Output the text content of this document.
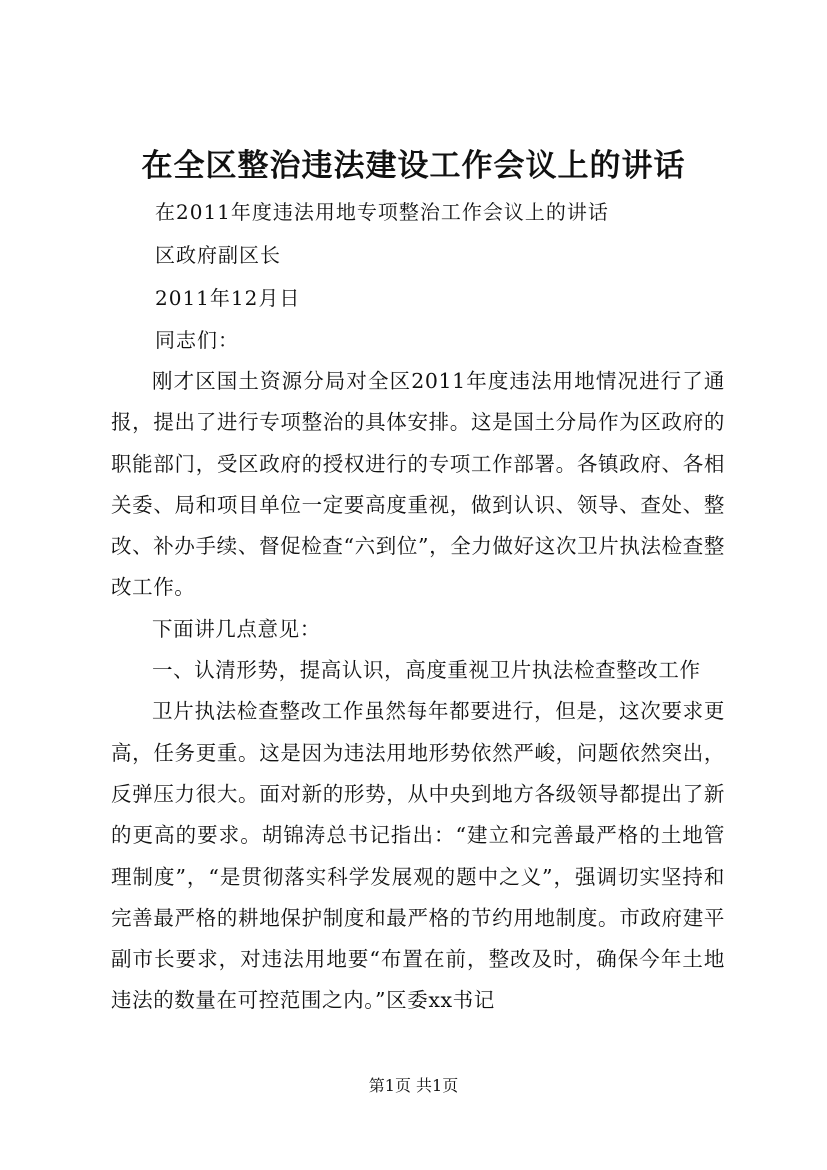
在全区整治违法建设工作会议上的讲话
在2011年度违法用地专项整治工作会议上的讲话
区政府副区长
2011年12月日
同志们：

刚才区国土资源分局对全区2011年度违法用地情况进行了通报，提出了进行专项整治的具体安排。这是国土分局作为区政府的职能部门，受区政府的授权进行的专项工作部署。各镇政府、各相关委、局和项目单位一定要高度重视，做到认识、领导、查处、整改、补办手续、督促检查“六到位”，全力做好这次卫片执法检查整改工作。

下面讲几点意见：

一、认清形势，提高认识，高度重视卫片执法检查整改工作

卫片执法检查整改工作虽然每年都要进行，但是，这次要求更高，任务更重。这是因为违法用地形势依然严峻，问题依然突出，反弹压力很大。面对新的形势，从中央到地方各级领导都提出了新的更高的要求。胡锦涛总书记指出：“建立和完善最严格的土地管理制度”，“是贯彻落实科学发展观的题中之义”，强调切实坚持和完善最严格的耕地保护制度和最严格的节约用地制度。市政府建平副市长要求，对违法用地要“布置在前，整改及时，确保今年土地违法的数量在可控范围之内。”区委xx书记

第1页 共1页
